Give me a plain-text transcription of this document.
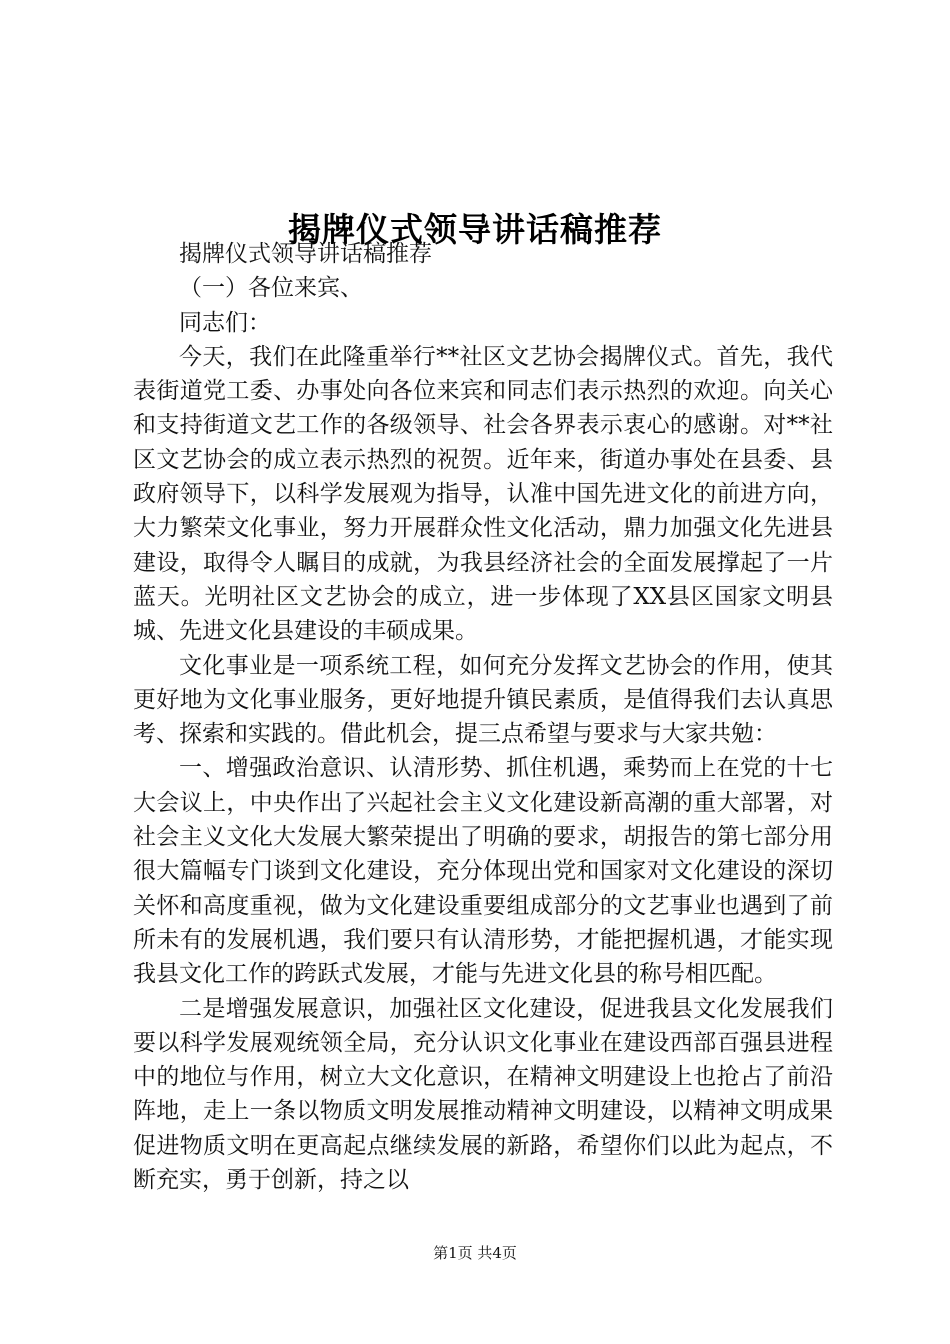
揭牌仪式领导讲话稿推荐

揭牌仪式领导讲话稿推荐

（一）各位来宾、

同志们：

今天，我们在此隆重举行**社区文艺协会揭牌仪式。首先，我代表街道党工委、办事处向各位来宾和同志们表示热烈的欢迎。向关心和支持街道文艺工作的各级领导、社会各界表示衷心的感谢。对**社区文艺协会的成立表示热烈的祝贺。近年来，街道办事处在县委、县政府领导下，以科学发展观为指导，认准中国先进文化的前进方向，大力繁荣文化事业，努力开展群众性文化活动，鼎力加强文化先进县建设，取得令人瞩目的成就，为我县经济社会的全面发展撑起了一片蓝天。光明社区文艺协会的成立，进一步体现了XX县区国家文明县城、先进文化县建设的丰硕成果。

文化事业是一项系统工程，如何充分发挥文艺协会的作用，使其更好地为文化事业服务，更好地提升镇民素质，是值得我们去认真思考、探索和实践的。借此机会，提三点希望与要求与大家共勉：

一、增强政治意识、认清形势、抓住机遇，乘势而上在党的十七大会议上，中央作出了兴起社会主义文化建设新高潮的重大部署，对社会主义文化大发展大繁荣提出了明确的要求，胡报告的第七部分用很大篇幅专门谈到文化建设，充分体现出党和国家对文化建设的深切关怀和高度重视，做为文化建设重要组成部分的文艺事业也遇到了前所未有的发展机遇，我们要只有认清形势，才能把握机遇，才能实现我县文化工作的跨跃式发展，才能与先进文化县的称号相匹配。

二是增强发展意识，加强社区文化建设，促进我县文化发展我们要以科学发展观统领全局，充分认识文化事业在建设西部百强县进程中的地位与作用，树立大文化意识，在精神文明建设上也抢占了前沿阵地，走上一条以物质文明发展推动精神文明建设，以精神文明成果促进物质文明在更高起点继续发展的新路，希望你们以此为起点，不断充实，勇于创新，持之以

第1页 共4页
